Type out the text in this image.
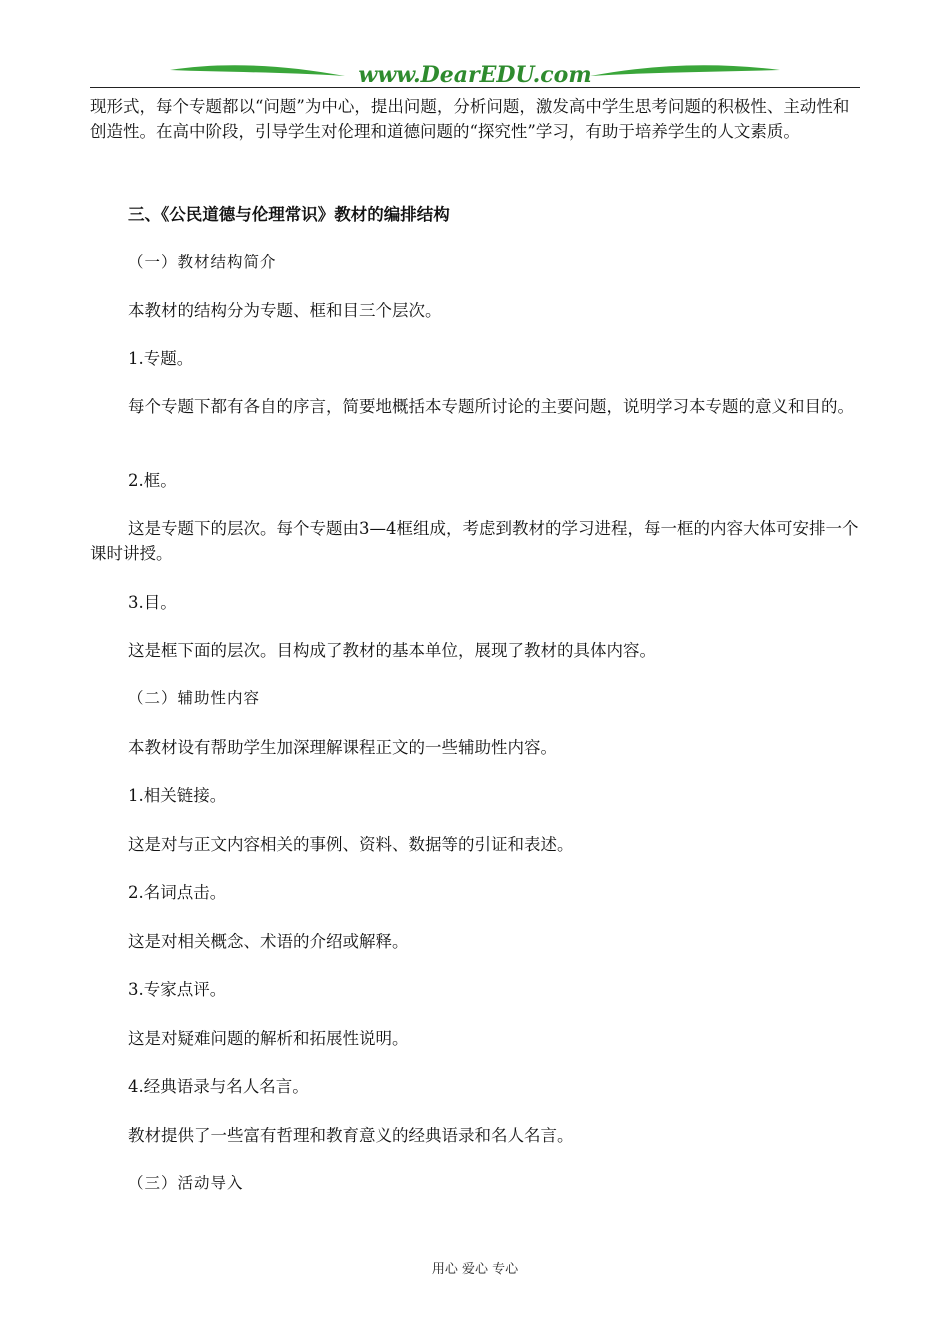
www.DearEDU.com
现形式，每个专题都以“问题”为中心，提出问题，分析问题，激发高中学生思考问题的积极性、主动性和创造性。在高中阶段，引导学生对伦理和道德问题的“探究性”学习，有助于培养学生的人文素质。
三、《公民道德与伦理常识》教材的编排结构
（一）教材结构简介
本教材的结构分为专题、框和目三个层次。
1.专题。
每个专题下都有各自的序言，简要地概括本专题所讨论的主要问题，说明学习本专题的意义和目的。
2.框。
这是专题下的层次。每个专题由3—4框组成，考虑到教材的学习进程，每一框的内容大体可安排一个课时讲授。
3.目。
这是框下面的层次。目构成了教材的基本单位，展现了教材的具体内容。
（二）辅助性内容
本教材设有帮助学生加深理解课程正文的一些辅助性内容。
1.相关链接。
这是对与正文内容相关的事例、资料、数据等的引证和表述。
2.名词点击。
这是对相关概念、术语的介绍或解释。
3.专家点评。
这是对疑难问题的解析和拓展性说明。
4.经典语录与名人名言。
教材提供了一些富有哲理和教育意义的经典语录和名人名言。
（三）活动导入
用心 爱心 专心
